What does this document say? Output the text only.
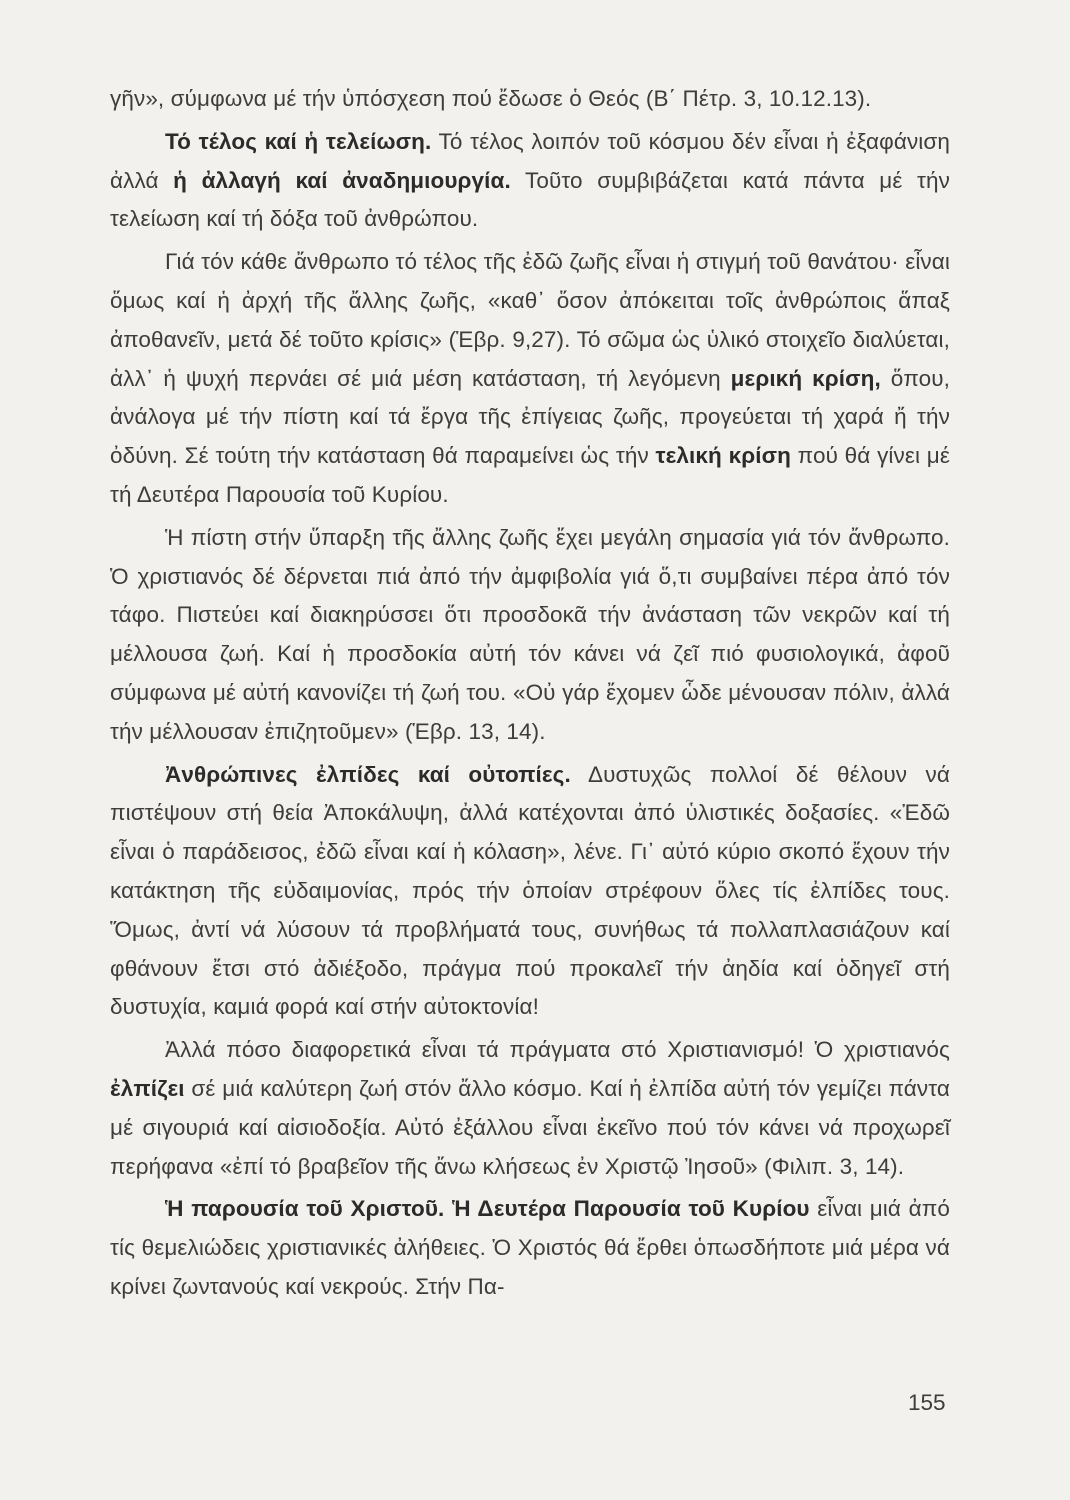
γῆν», σύμφωνα μέ τήν ὑπόσχεση πού ἔδωσε ὁ Θεός (Β΄ Πέτρ. 3, 10.12.13).

Τό τέλος καί ἡ τελείωση. Τό τέλος λοιπόν τοῦ κόσμου δέν εἶναι ἡ ἐξαφάνιση ἀλλά ἡ ἀλλαγή καί ἀναδημιουργία. Τοῦτο συμβιβάζεται κατά πάντα μέ τήν τελείωση καί τή δόξα τοῦ ἀνθρώπου.

Γιά τόν κάθε ἄνθρωπο τό τέλος τῆς ἐδῶ ζωῆς εἶναι ἡ στιγμή τοῦ θανάτου· εἶναι ὅμως καί ἡ ἀρχή τῆς ἄλλης ζωῆς, «καθ᾿ ὅσον ἀπόκειται τοῖς ἀνθρώποις ἅπαξ ἀποθανεῖν, μετά δέ τοῦτο κρίσις» (Ἑβρ. 9,27). Τό σῶμα ὡς ὑλικό στοιχεῖο διαλύεται, ἀλλ᾿ ἡ ψυχή περνάει σέ μιά μέση κατάσταση, τή λεγόμενη μερική κρίση, ὅπου, ἀνάλογα μέ τήν πίστη καί τά ἔργα τῆς ἐπίγειας ζωῆς, προγεύεται τή χαρά ἤ τήν ὀδύνη. Σέ τούτη τήν κατάσταση θά παραμείνει ὡς τήν τελική κρίση πού θά γίνει μέ τή Δευτέρα Παρουσία τοῦ Κυρίου.

Ἡ πίστη στήν ὕπαρξη τῆς ἄλλης ζωῆς ἔχει μεγάλη σημασία γιά τόν ἄνθρωπο. Ὁ χριστιανός δέ δέρνεται πιά ἀπό τήν ἀμφιβολία γιά ὅ,τι συμβαίνει πέρα ἀπό τόν τάφο. Πιστεύει καί διακηρύσσει ὅτι προσδοκᾶ τήν ἀνάσταση τῶν νεκρῶν καί τή μέλλουσα ζωή. Καί ἡ προσδοκία αὐτή τόν κάνει νά ζεῖ πιό φυσιολογικά, ἀφοῦ σύμφωνα μέ αὐτή κανονίζει τή ζωή του. «Οὐ γάρ ἔχομεν ὧδε μένουσαν πόλιν, ἀλλά τήν μέλλουσαν ἐπιζητοῦμεν» (Ἑβρ. 13, 14).

Ἀνθρώπινες ἐλπίδες καί οὐτοπίες. Δυστυχῶς πολλοί δέ θέλουν νά πιστέψουν στή θεία Ἀποκάλυψη, ἀλλά κατέχονται ἀπό ὑλιστικές δοξασίες. «Ἐδῶ εἶναι ὁ παράδεισος, ἐδῶ εἶναι καί ἡ κόλαση», λένε. Γι᾿ αὐτό κύριο σκοπό ἔχουν τήν κατάκτηση τῆς εὐδαιμονίας, πρός τήν ὁποίαν στρέφουν ὅλες τίς ἐλπίδες τους. Ὅμως, ἀντί νά λύσουν τά προβλήματά τους, συνήθως τά πολλαπλασιάζουν καί φθάνουν ἔτσι στό ἀδιέξοδο, πράγμα πού προκαλεῖ τήν ἀηδία καί ὁδηγεῖ στή δυστυχία, καμιά φορά καί στήν αὐτοκτονία!

Ἀλλά πόσο διαφορετικά εἶναι τά πράγματα στό Χριστιανισμό! Ὁ χριστιανός ἐλπίζει σέ μιά καλύτερη ζωή στόν ἄλλο κόσμο. Καί ἡ ἐλπίδα αὐτή τόν γεμίζει πάντα μέ σιγουριά καί αἰσιοδοξία. Αὐτό ἐξάλλου εἶναι ἐκεῖνο πού τόν κάνει νά προχωρεῖ περήφανα «ἐπί τό βραβεῖον τῆς ἄνω κλήσεως ἐν Χριστῷ Ἰησοῦ» (Φιλιπ. 3, 14).

Ἡ παρουσία τοῦ Χριστοῦ. Ἡ Δευτέρα Παρουσία τοῦ Κυρίου εἶναι μιά ἀπό τίς θεμελιώδεις χριστιανικές ἀλήθειες. Ὁ Χριστός θά ἔρθει ὁπωσδήποτε μιά μέρα νά κρίνει ζωντανούς καί νεκρούς. Στήν Πα-

155
